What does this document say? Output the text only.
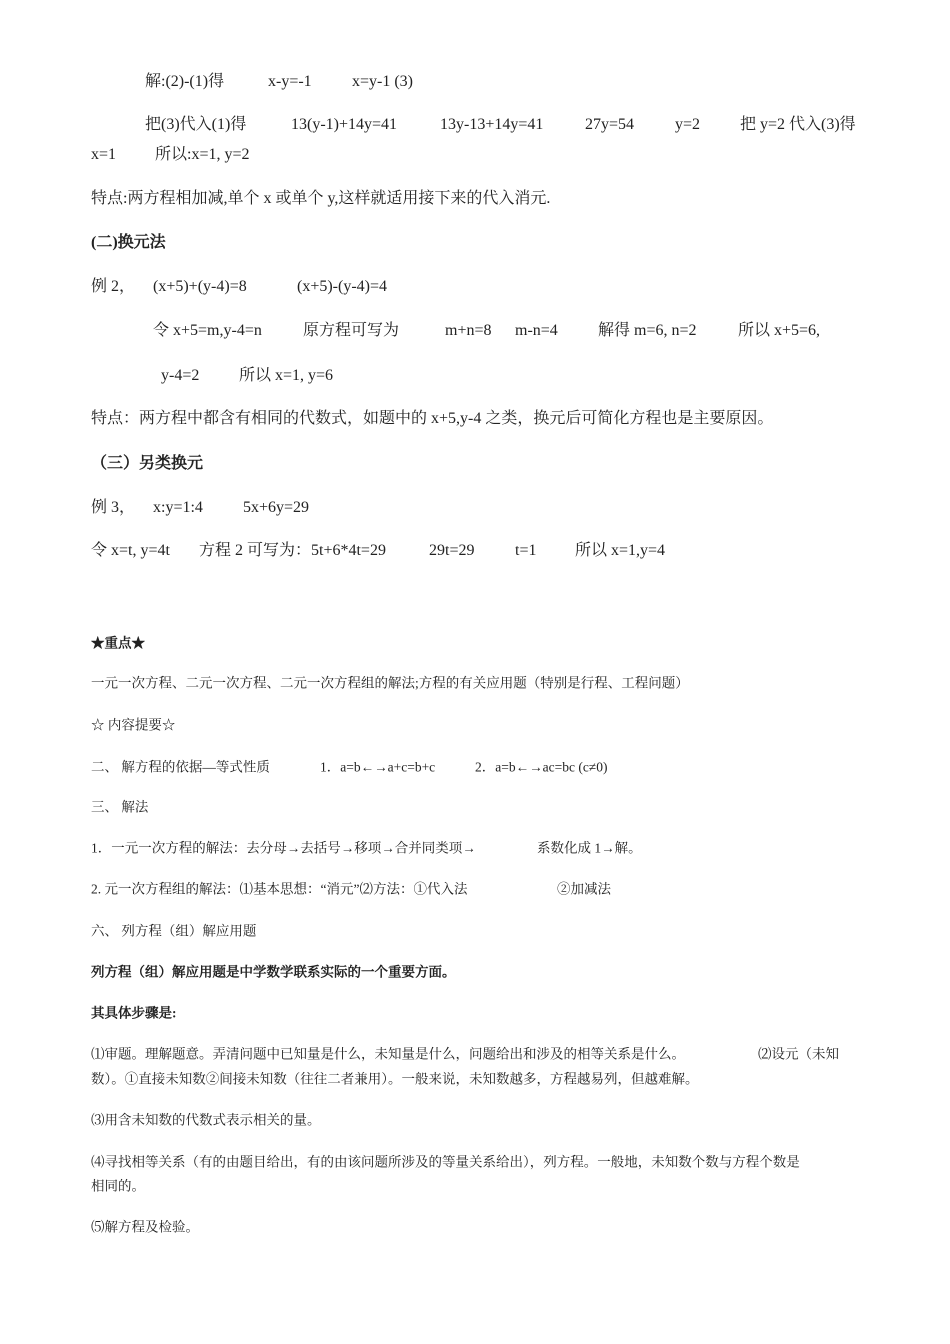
解:(2)-(1)得	x-y=-1	x=y-1 (3)
把(3)代入(1)得	13(y-1)+14y=41	13y-13+14y=41	27y=54	y=2 把 y=2 代入(3)得
x=1 所以:x=1, y=2
特点:两方程相加减,单个 x 或单个 y,这样就适用接下来的代入消元.
(二)换元法
例 2， (x+5)+(y-4)=8	(x+5)-(y-4)=4
令 x+5=m,y-4=n	原方程可写为	m+n=8 m-n=4	解得 m=6, n=2	所以 x+5=6,
y-4=2 所以 x=1, y=6
特点：两方程中都含有相同的代数式，如题中的 x+5,y-4 之类，换元后可简化方程也是主要原因。
（三）另类换元
例 3， x:y=1:4	5x+6y=29
令 x=t, y=4t 方程 2 可写为：5t+6*4t=29	29t=29	t=1 所以 x=1,y=4
★重点★
一元一次方程、二元一次方程、二元一次方程组的解法;方程的有关应用题（特别是行程、工程问题）
☆ 内容提要☆
二、 解方程的依据—等式性质	1．a=b←→a+c=b+c	2．a=b←→ac=bc (c≠0)
三、 解法
1．一元一次方程的解法：去分母→去括号→移项→合并同类项→	系数化成 1→解。
2. 元一次方程组的解法：⑴基本思想：“消元”⑵方法：①代入法	②加减法
六、 列方程（组）解应用题
列方程（组）解应用题是中学数学联系实际的一个重要方面。
其具体步骤是:
⑴审题。理解题意。弄清问题中已知量是什么，未知量是什么，问题给出和涉及的相等关系是什么。	⑵设元（未知
数）。①直接未知数②间接未知数（往往二者兼用）。一般来说，未知数越多，方程越易列，但越难解。
⑶用含未知数的代数式表示相关的量。
⑷寻找相等关系（有的由题目给出，有的由该问题所涉及的等量关系给出），列方程。一般地，未知数个数与方程个数是
相同的。
⑸解方程及检验。
